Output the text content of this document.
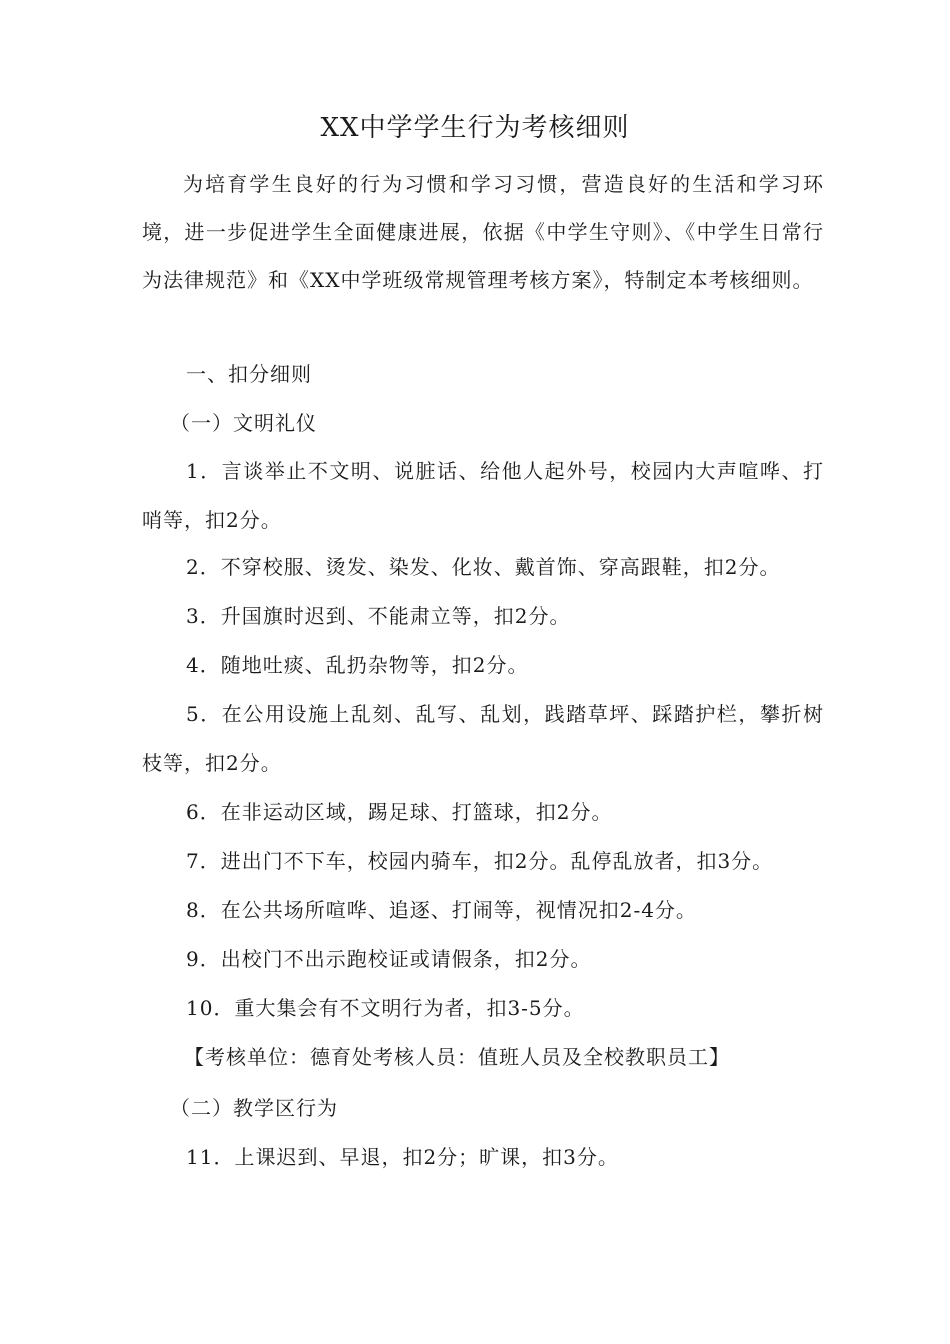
XX中学学生行为考核细则
为培育学生良好的行为习惯和学习习惯，营造良好的生活和学习环境，进一步促进学生全面健康进展，依据《中学生守则》、《中学生日常行为法律规范》和《XX中学班级常规管理考核方案》，特制定本考核细则。
一、扣分细则
（一）文明礼仪
1．言谈举止不文明、说脏话、给他人起外号，校园内大声喧哗、打哨等，扣2分。
2．不穿校服、烫发、染发、化妆、戴首饰、穿高跟鞋，扣2分。
3．升国旗时迟到、不能肃立等，扣2分。
4．随地吐痰、乱扔杂物等，扣2分。
5．在公用设施上乱刻、乱写、乱划，践踏草坪、踩踏护栏，攀折树枝等，扣2分。
6．在非运动区域，踢足球、打篮球，扣2分。
7．进出门不下车，校园内骑车，扣2分。乱停乱放者，扣3分。
8．在公共场所喧哗、追逐、打闹等，视情况扣2-4分。
9．出校门不出示跑校证或请假条，扣2分。
10．重大集会有不文明行为者，扣3-5分。
【考核单位：德育处考核人员：值班人员及全校教职员工】
（二）教学区行为
11．上课迟到、早退，扣2分；旷课，扣3分。
